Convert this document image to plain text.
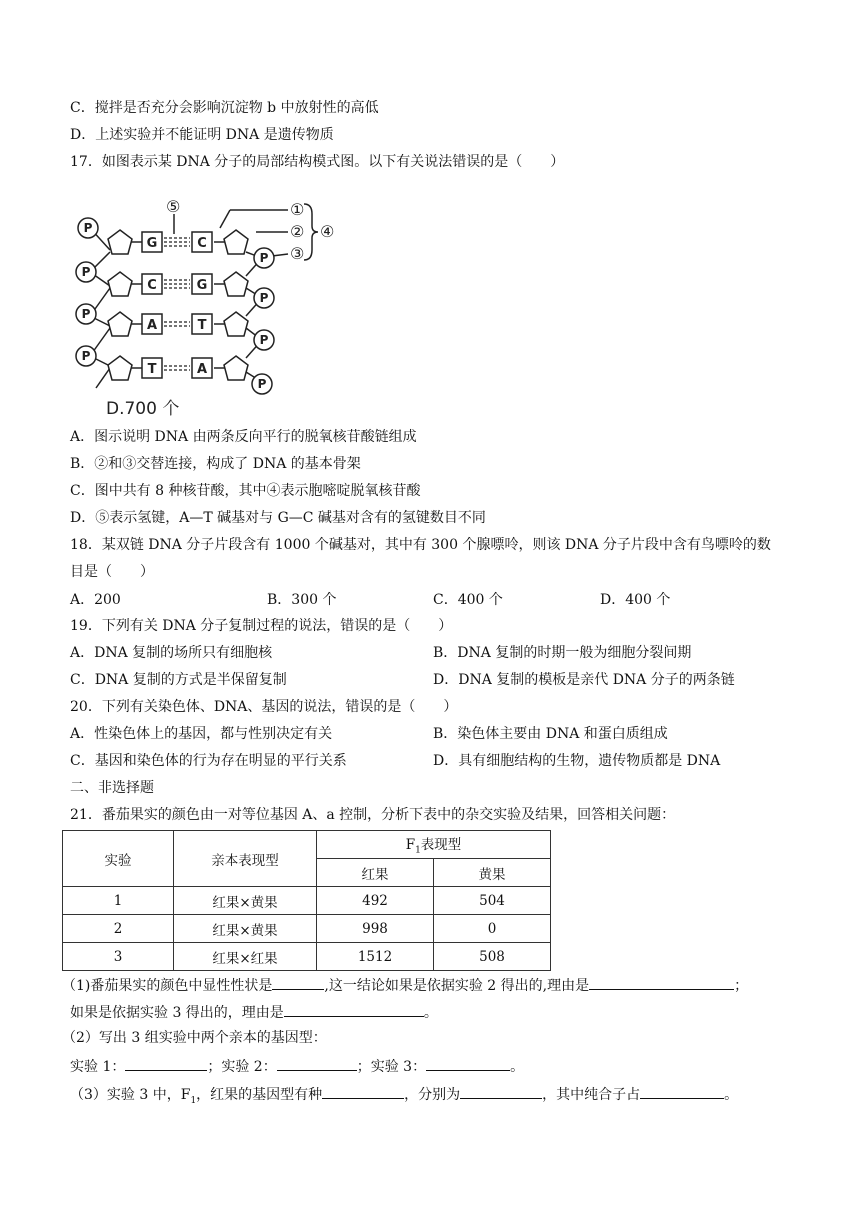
C．搅拌是否充分会影响沉淀物 b 中放射性的高低
D．上述实验并不能证明 DNA 是遗传物质
17．如图表示某 DNA 分子的局部结构模式图。以下有关说法错误的是（　　）
P
P
P
P
P
P
P
P
G
C
A
T
C
G
T
A
⑤	①
②
③
④
D.700 个
A．图示说明 DNA 由两条反向平行的脱氧核苷酸链组成
B．②和③交替连接，构成了 DNA 的基本骨架
C．图中共有 8 种核苷酸，其中④表示胞嘧啶脱氧核苷酸
D．⑤表示氢键，A—T 碱基对与 G—C 碱基对含有的氢键数目不同
18．某双链 DNA 分子片段含有 1000 个碱基对，其中有 300 个腺嘌呤，则该 DNA 分子片段中含有鸟嘌呤的数
目是（　　）
A．200	B．300 个	C．400 个	D．400 个
19．下列有关 DNA 分子复制过程的说法，错误的是（　　）
A．DNA 复制的场所只有细胞核	B．DNA 复制的时期一般为细胞分裂间期
C．DNA 复制的方式是半保留复制	D．DNA 复制的模板是亲代 DNA 分子的两条链
20．下列有关染色体、DNA、基因的说法，错误的是（　　）
A．性染色体上的基因，都与性别决定有关	B．染色体主要由 DNA 和蛋白质组成
C．基因和染色体的行为存在明显的平行关系	D．具有细胞结构的生物，遗传物质都是 DNA
二、非选择题
21．番茄果实的颜色由一对等位基因 A、a 控制，分析下表中的杂交实验及结果，回答相关问题：
实验	亲本表现型	$F_1$表现型	
		红果	黄果
1	红果×黄果	492	504
2	红果×黄果	998	0
3	红果×红果	1512	508
（1)番茄果实的颜色中显性性状是	,这一结论如果是依据实验 2 得出的,理由是	；
如果是依据实验 3 得出的，理由是	。
（2）写出 3 组实验中两个亲本的基因型：
实验 1：	；实验 2：	；实验 3：	。
（3）实验 3 中，$F_1$，红果的基因型有种	，分别为	，其中纯合子占	。
